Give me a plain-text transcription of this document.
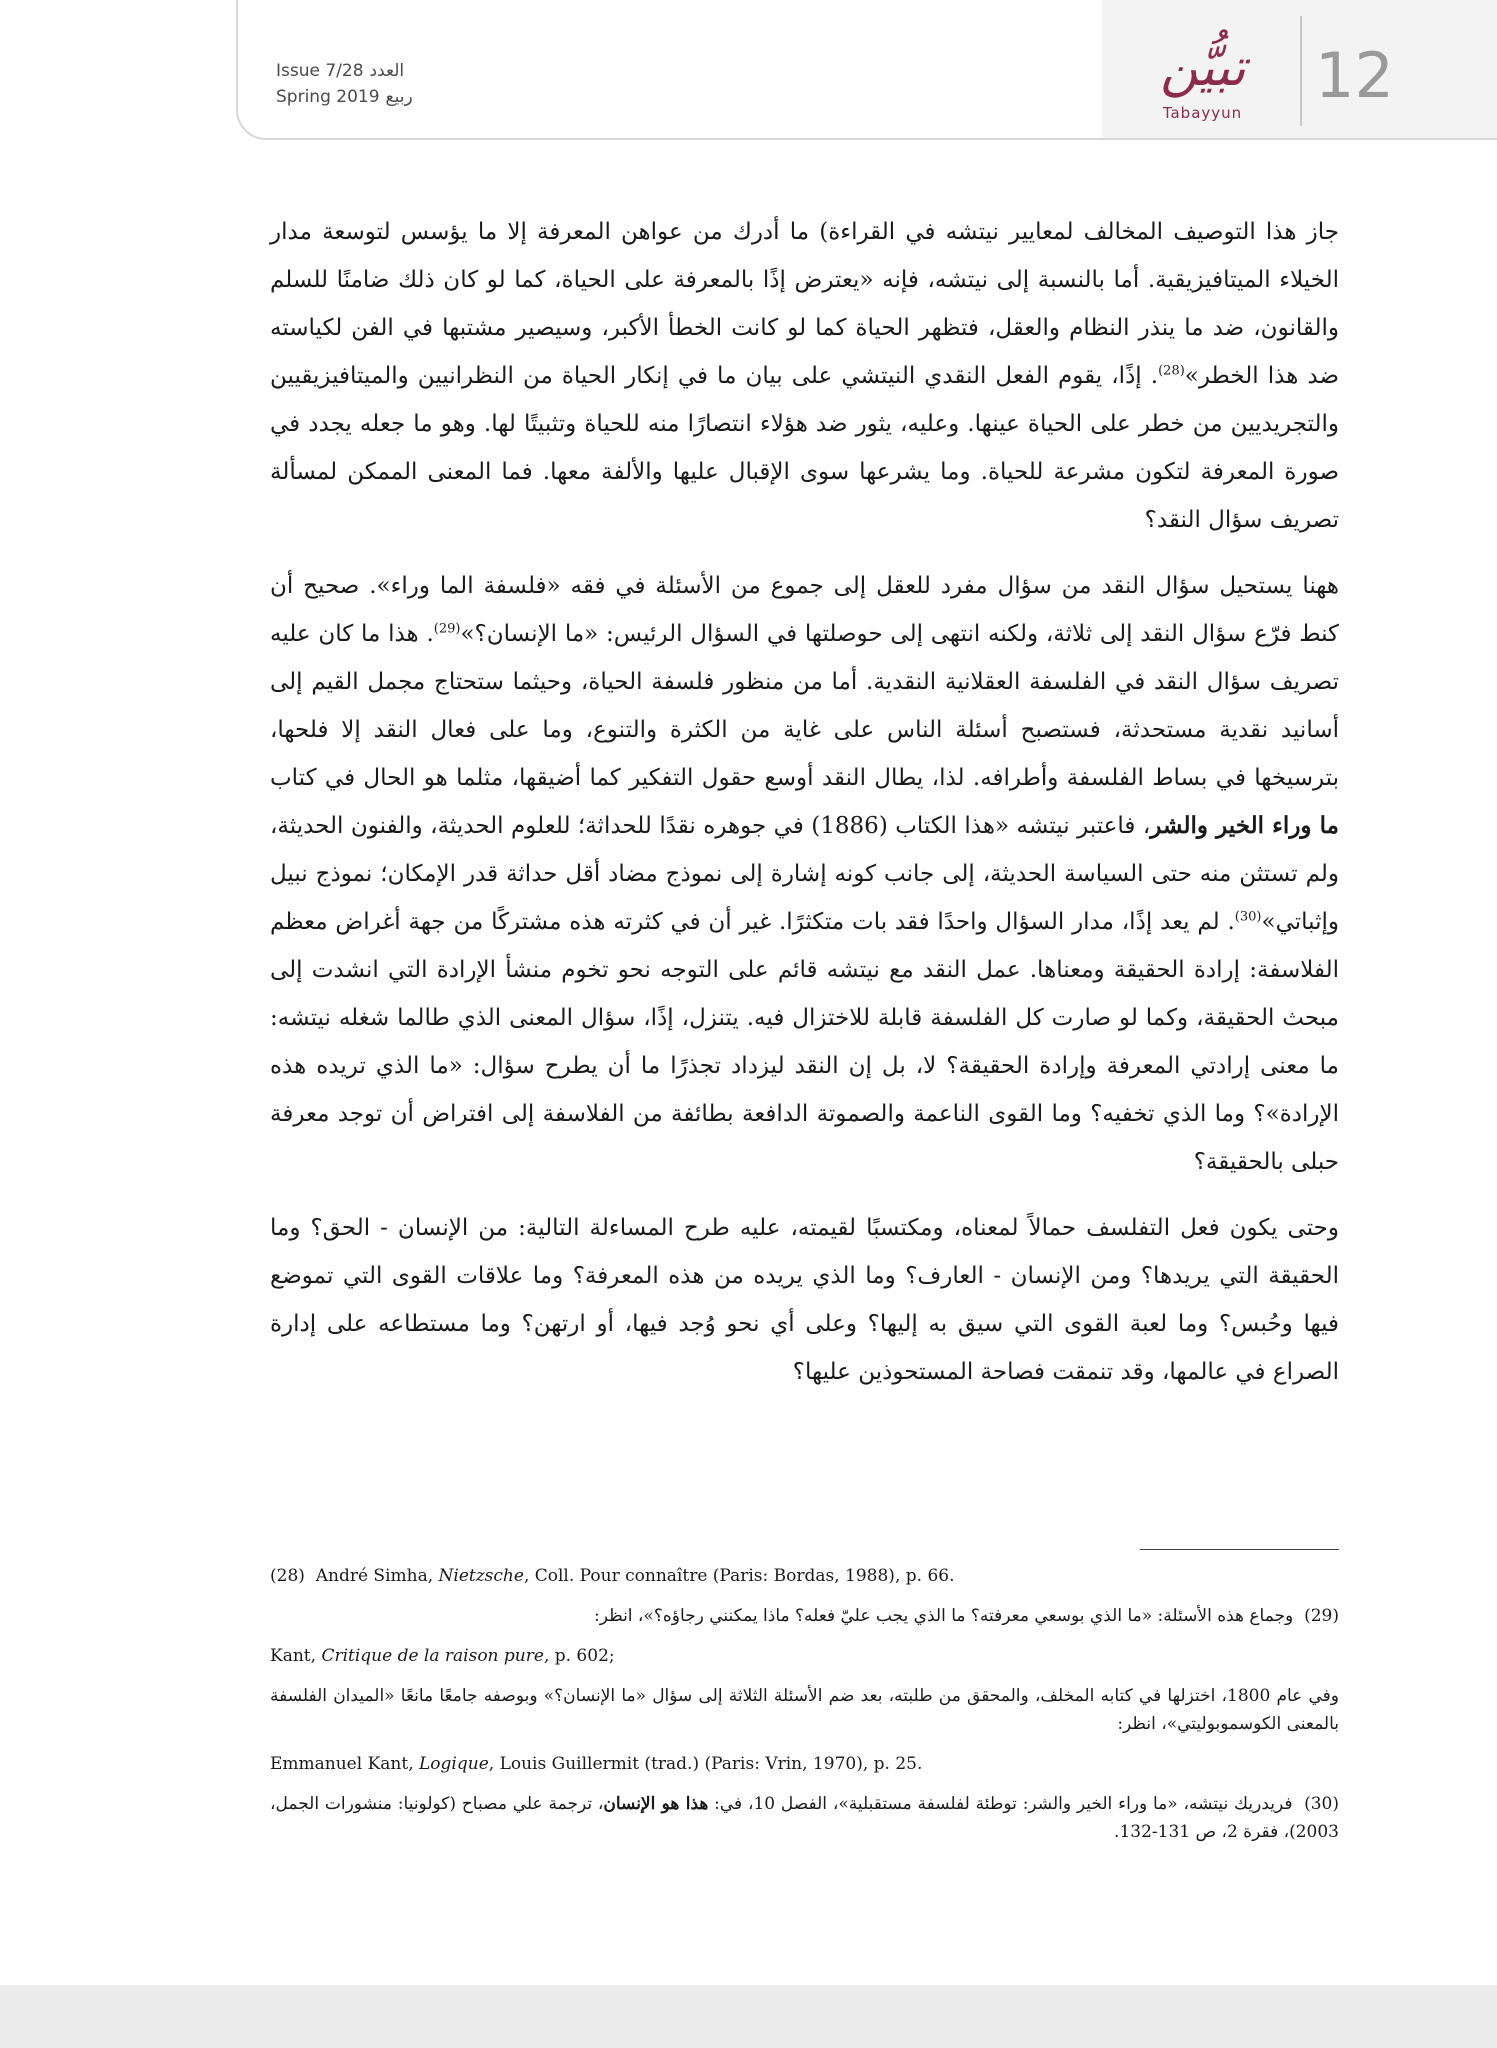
Issue 7/28 العدد
Spring 2019 ربيع	تبيُّن
Tabayyun
12

جاز هذا التوصيف المخالف لمعايير نيتشه في القراءة) ما أدرك من عواهن المعرفة إلا ما يؤسس لتوسعة مدار الخيلاء الميتافيزيقية. أما بالنسبة إلى نيتشه، فإنه «يعترض إذًا بالمعرفة على الحياة، كما لو كان ذلك ضامنًا للسلم والقانون، ضد ما ينذر النظام والعقل، فتظهر الحياة كما لو كانت الخطأ الأكبر، وسيصير مشتبها في الفن لكياسته ضد هذا الخطر»$^{(28)}$. إذًا، يقوم الفعل النقدي النيتشي على بيان ما في إنكار الحياة من النظرانيين والميتافيزيقيين والتجريديين من خطر على الحياة عينها. وعليه، يثور ضد هؤلاء انتصارًا منه للحياة وتثبيتًا لها. وهو ما جعله يجدد في صورة المعرفة لتكون مشرعة للحياة. وما يشرعها سوى الإقبال عليها والألفة معها. فما المعنى الممكن لمسألة تصريف سؤال النقد؟

ههنا يستحيل سؤال النقد من سؤال مفرد للعقل إلى جموع من الأسئلة في فقه «فلسفة الما وراء». صحيح أن كنط فرّع سؤال النقد إلى ثلاثة، ولكنه انتهى إلى حوصلتها في السؤال الرئيس: «ما الإنسان؟»$^{(29)}$. هذا ما كان عليه تصريف سؤال النقد في الفلسفة العقلانية النقدية. أما من منظور فلسفة الحياة، وحيثما ستحتاج مجمل القيم إلى أسانيد نقدية مستحدثة، فستصبح أسئلة الناس على غاية من الكثرة والتنوع، وما على فعال النقد إلا فلحها، بترسيخها في بساط الفلسفة وأطرافه. لذا، يطال النقد أوسع حقول التفكير كما أضيقها، مثلما هو الحال في كتاب ما وراء الخير والشر، فاعتبر نيتشه «هذا الكتاب (1886) في جوهره نقدًا للحداثة؛ للعلوم الحديثة، والفنون الحديثة، ولم تستثن منه حتى السياسة الحديثة، إلى جانب كونه إشارة إلى نموذج مضاد أقل حداثة قدر الإمكان؛ نموذج نبيل وإثباتي»$^{(30)}$. لم يعد إذًا، مدار السؤال واحدًا فقد بات متكثرًا. غير أن في كثرته هذه مشتركًا من جهة أغراض معظم الفلاسفة: إرادة الحقيقة ومعناها. عمل النقد مع نيتشه قائم على التوجه نحو تخوم منشأ الإرادة التي انشدت إلى مبحث الحقيقة، وكما لو صارت كل الفلسفة قابلة للاختزال فيه. يتنزل، إذًا، سؤال المعنى الذي طالما شغله نيتشه: ما معنى إرادتي المعرفة وإرادة الحقيقة؟ لا، بل إن النقد ليزداد تجذرًا ما أن يطرح سؤال: «ما الذي تريده هذه الإرادة»؟ وما الذي تخفيه؟ وما القوى الناعمة والصموتة الدافعة بطائفة من الفلاسفة إلى افتراض أن توجد معرفة حبلى بالحقيقة؟

وحتى يكون فعل التفلسف حمالاً لمعناه، ومكتسبًا لقيمته، عليه طرح المساءلة التالية: من الإنسان - الحق؟ وما الحقيقة التي يريدها؟ ومن الإنسان - العارف؟ وما الذي يريده من هذه المعرفة؟ وما علاقات القوى التي تموضع فيها وحُبس؟ وما لعبة القوى التي سيق به إليها؟ وعلى أي نحو وُجد فيها، أو ارتهن؟ وما مستطاعه على إدارة الصراع في عالمها، وقد تنمقت فصاحة المستحوذين عليها؟

(28) André Simha, Nietzsche, Coll. Pour connaître (Paris: Bordas, 1988), p. 66.
(29)  وجماع هذه الأسئلة: «ما الذي بوسعي معرفته؟ ما الذي يجب عليّ فعله؟ ماذا يمكنني رجاؤه؟»، انظر:
Kant, Critique de la raison pure, p. 602;
وفي عام 1800، اختزلها في كتابه المخلف، والمحقق من طلبته، بعد ضم الأسئلة الثلاثة إلى سؤال «ما الإنسان؟» وبوصفه جامعًا مانعًا «الميدان الفلسفة بالمعنى الكوسموبوليتي»، انظر:
Emmanuel Kant, Logique, Louis Guillermit (trad.) (Paris: Vrin, 1970), p. 25.
(30)  فريدريك نيتشه، «ما وراء الخير والشر: توطئة لفلسفة مستقبلية»، الفصل 10، في: هذا هو الإنسان، ترجمة علي مصباح (كولونيا: منشورات الجمل، 2003)، فقرة 2، ص 131-132.
